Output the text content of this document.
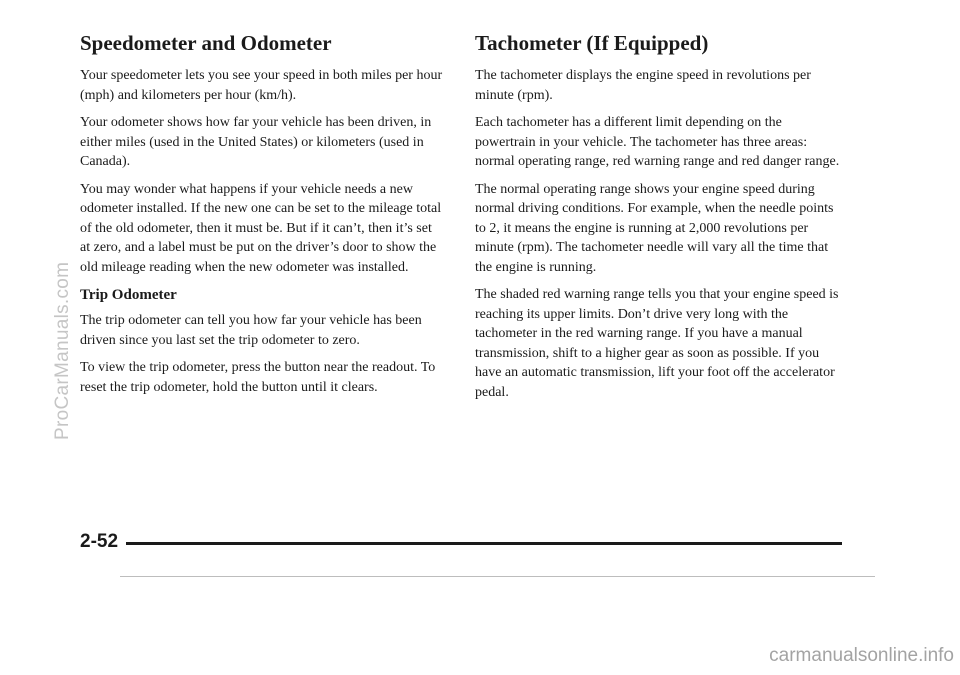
Speedometer and Odometer

Your speedometer lets you see your speed in both miles per hour (mph) and kilometers per hour (km/h).

Your odometer shows how far your vehicle has been driven, in either miles (used in the United States) or kilometers (used in Canada).

You may wonder what happens if your vehicle needs a new odometer installed. If the new one can be set to the mileage total of the old odometer, then it must be. But if it can’t, then it’s set at zero, and a label must be put on the driver’s door to show the old mileage reading when the new odometer was installed.

Trip Odometer

The trip odometer can tell you how far your vehicle has been driven since you last set the trip odometer to zero.

To view the trip odometer, press the button near the readout. To reset the trip odometer, hold the button until it clears.

Tachometer (If Equipped)

The tachometer displays the engine speed in revolutions per minute (rpm).

Each tachometer has a different limit depending on the powertrain in your vehicle. The tachometer has three areas: normal operating range, red warning range and red danger range.

The normal operating range shows your engine speed during normal driving conditions. For example, when the needle points to 2, it means the engine is running at 2,000 revolutions per minute (rpm). The tachometer needle will vary all the time that the engine is running.

The shaded red warning range tells you that your engine speed is reaching its upper limits. Don’t drive very long with the tachometer in the red warning range. If you have a manual transmission, shift to a higher gear as soon as possible. If you have an automatic transmission, lift your foot off the accelerator pedal.

2-52
ProCarManuals.com
carmanualsonline.info
